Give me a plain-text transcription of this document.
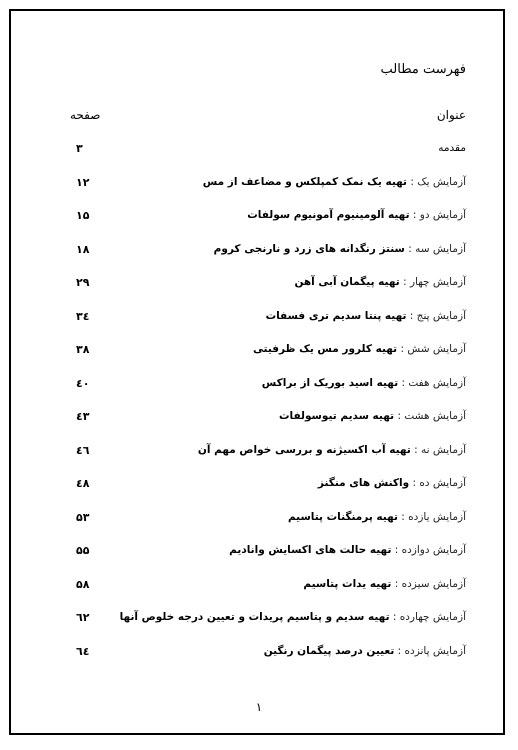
فهرست مطالب
عنوان
صفحه
مقدمه
۳
آزمایش یک : تهیه یک نمک کمپلکس و مضاعف از مس
۱۲
آزمایش دو : تهیه آلومینیوم آمونیوم سولفات
۱۵
آزمایش سه : سنتز رنگدانه های زرد و نارنجی کروم
۱۸
آزمایش چهار : تهیه پیگمان آبی آهن
۲۹
آزمایش پنج : تهیه پنتا سدیم تری فسفات
۳٤
آزمایش شش : تهیه کلرور مس یک ظرفیتی
۳۸
آزمایش هفت : تهیه اسید بوریک از براکس
٤۰
آزمایش هشت : تهیه سدیم تیوسولفات
٤۳
آزمایش نه : تهیه آب اکسیژنه و بررسی خواص مهم آن
٤٦
آزمایش ده : واکنش های منگنز
٤۸
آزمایش یازده : تهیه پرمنگنات پتاسیم
۵۳
آزمایش دوازده : تهیه حالت های اکسایش وانادیم
۵۵
آزمایش سیزده : تهیه یدات پتاسیم
۵۸
آزمایش چهارده : تهیه سدیم و پتاسیم پریدات و تعیین درجه خلوص آنها
٦۲
آزمایش پانزده : تعیین درصد پیگمان رنگین
٦٤
۱
